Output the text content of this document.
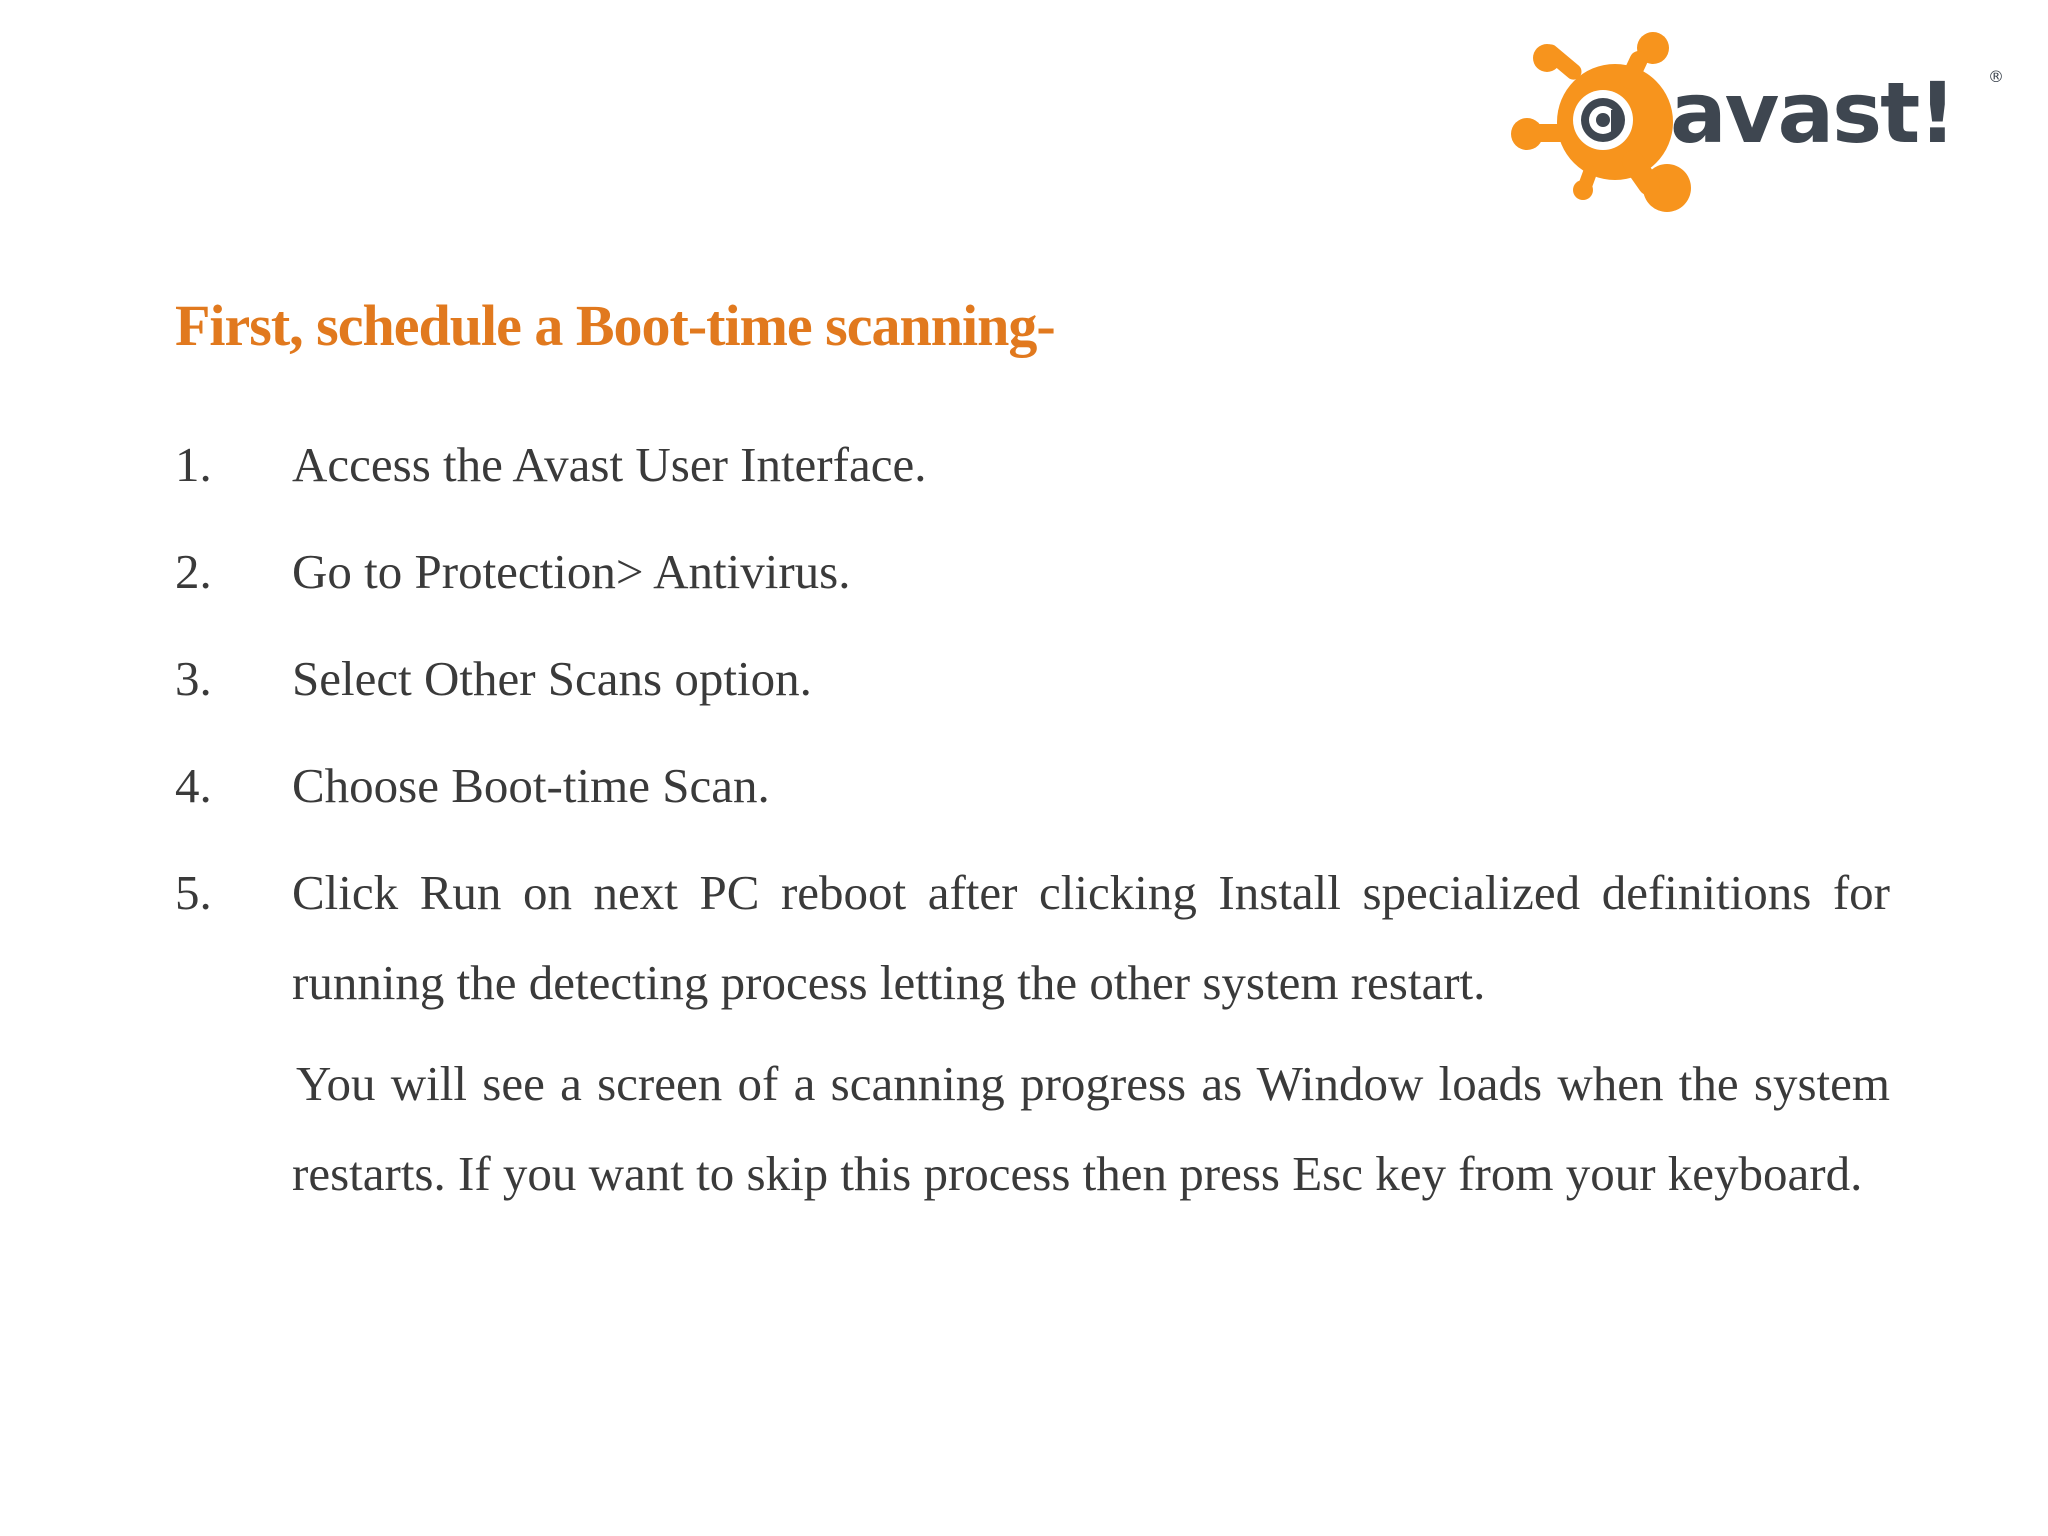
avast! ®
First, schedule a Boot-time scanning-
1.	Access the Avast User Interface.
2.	Go to Protection> Antivirus.
3.	Select Other Scans option.
4.	Choose Boot-time Scan.
5.	Click Run on next PC reboot after clicking Install specialized definitions for running the detecting process letting the other system restart.

You will see a screen of a scanning progress as Window loads when the system restarts. If you want to skip this process then press Esc key from your keyboard.
